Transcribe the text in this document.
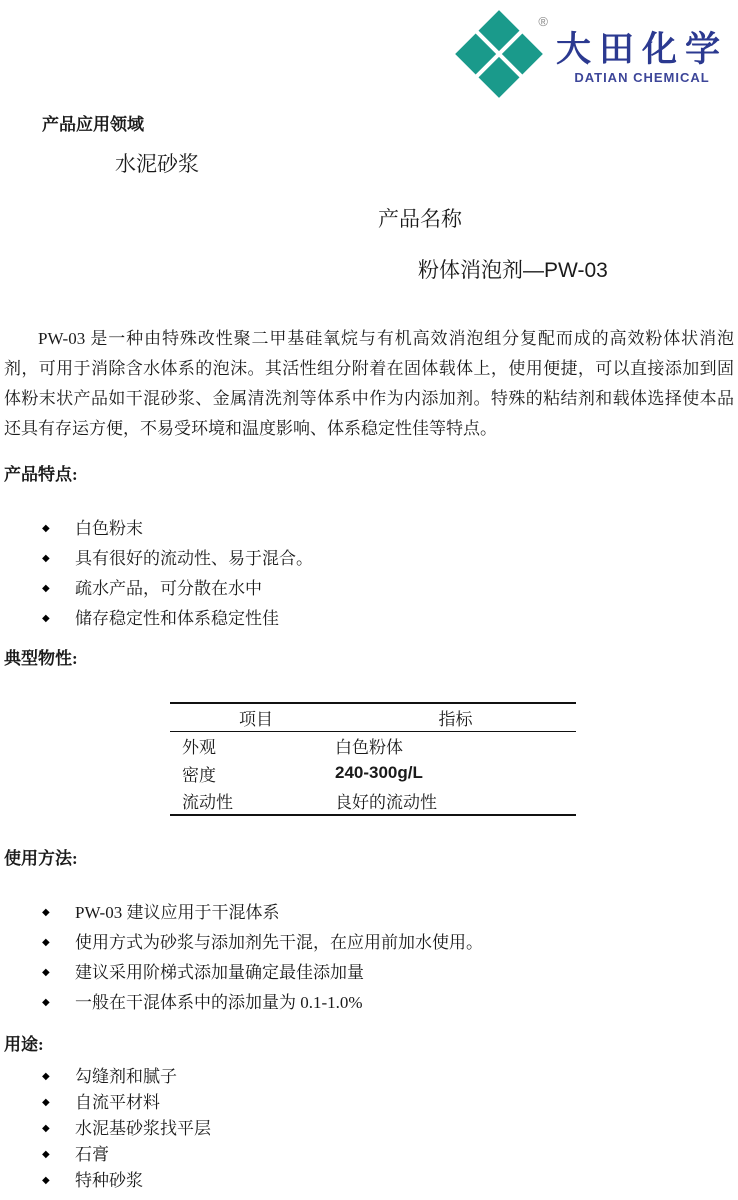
®
大田化学
DATIAN CHEMICAL
产品应用领域
水泥砂浆
产品名称
粉体消泡剂—PW-03

PW-03 是一种由特殊改性聚二甲基硅氧烷与有机高效消泡组分复配而成的高效粉体状消泡剂，可用于消除含水体系的泡沫。其活性组分附着在固体载体上，使用便捷，可以直接添加到固体粉末状产品如干混砂浆、金属清洗剂等体系中作为内添加剂。特殊的粘结剂和载体选择使本品还具有存运方便，不易受环境和温度影响、体系稳定性佳等特点。

产品特点:
◆ 白色粉末
◆ 具有很好的流动性、易于混合。
◆ 疏水产品，可分散在水中
◆ 储存稳定性和体系稳定性佳
典型物性:
项目	指标
外观	白色粉体
密度	240-300g/L
流动性	良好的流动性
使用方法:
◆ PW-03 建议应用于干混体系
◆ 使用方式为砂浆与添加剂先干混，在应用前加水使用。
◆ 建议采用阶梯式添加量确定最佳添加量
◆ 一般在干混体系中的添加量为 0.1-1.0%
用途:
◆ 勾缝剂和腻子
◆ 自流平材料
◆ 水泥基砂浆找平层
◆ 石膏
◆ 特种砂浆
